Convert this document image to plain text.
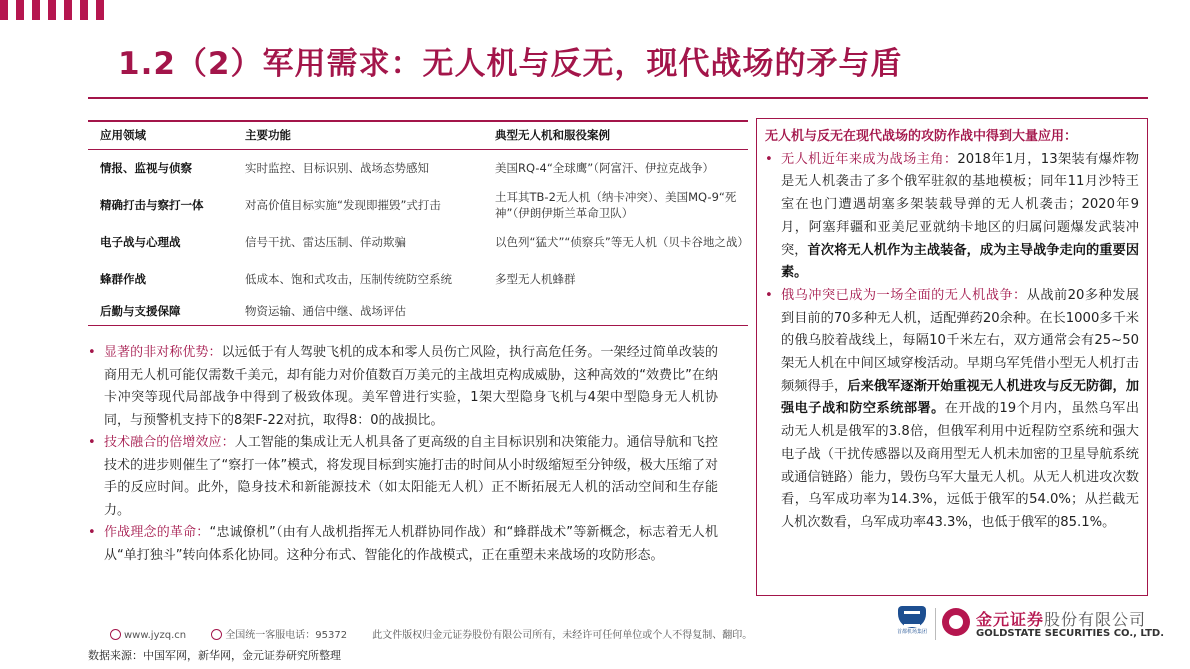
1.2（2）军用需求：无人机与反无，现代战场的矛与盾
应用领域	主要功能	典型无人机和服役案例
情报、监视与侦察	实时监控、目标识别、战场态势感知	美国RQ-4“全球鹰”（阿富汗、伊拉克战争）
精确打击与察打一体	对高价值目标实施“发现即摧毁”式打击	土耳其TB-2无人机（纳卡冲突）、美国MQ-9“死神”（伊朗伊斯兰革命卫队）
电子战与心理战	信号干扰、雷达压制、佯动欺骗	以色列“猛犬”“侦察兵”等无人机（贝卡谷地之战）
蜂群作战	低成本、饱和式攻击，压制传统防空系统	多型无人机蜂群
后勤与支援保障	物资运输、通信中继、战场评估	
• 显著的非对称优势：以远低于有人驾驶飞机的成本和零人员伤亡风险，执行高危任务。一架经过简单改装的商用无人机可能仅需数千美元，却有能力对价值数百万美元的主战坦克构成威胁，这种高效的“效费比”在纳卡冲突等现代局部战争中得到了极致体现。美军曾进行实验，1架大型隐身飞机与4架中型隐身无人机协同，与预警机支持下的8架F-22对抗，取得8：0的战损比。
• 技术融合的倍增效应：人工智能的集成让无人机具备了更高级的自主目标识别和决策能力。通信导航和飞控技术的进步则催生了“察打一体”模式，将发现目标到实施打击的时间从小时级缩短至分钟级，极大压缩了对手的反应时间。此外，隐身技术和新能源技术（如太阳能无人机）正不断拓展无人机的活动空间和生存能力。
• 作战理念的革命：“忠诚僚机”（由有人战机指挥无人机群协同作战）和“蜂群战术”等新概念，标志着无人机从“单打独斗”转向体系化协同。这种分布式、智能化的作战模式，正在重塑未来战场的攻防形态。
无人机与反无在现代战场的攻防作战中得到大量应用：
• 无人机近年来成为战场主角：2018年1月，13架装有爆炸物是无人机袭击了多个俄军驻叙的基地模板；同年11月沙特王室在也门遭遇胡塞多架装载导弹的无人机袭击；2020年9月，阿塞拜疆和亚美尼亚就纳卡地区的归属问题爆发武装冲突，首次将无人机作为主战装备，成为主导战争走向的重要因素。
• 俄乌冲突已成为一场全面的无人机战争：从战前20多种发展到目前的70多种无人机，适配弹药20余种。在长1000多千米的俄乌胶着战线上，每隔10千米左右，双方通常会有25~50架无人机在中间区域穿梭活动。早期乌军凭借小型无人机打击频频得手，后来俄军逐渐开始重视无人机进攻与反无防御，加强电子战和防空系统部署。在开战的19个月内，虽然乌军出动无人机是俄军的3.8倍，但俄军利用中近程防空系统和强大电子战（干扰传感器以及商用型无人机未加密的卫星导航系统或通信链路）能力，毁伤乌军大量无人机。从无人机进攻次数看，乌军成功率为14.3%，远低于俄军的54.0%；从拦截无人机次数看，乌军成功率43.3%，也低于俄军的85.1%。
www.jyzq.cn	全国统一客服电话：95372	此文件版权归金元证券股份有限公司所有，未经许可任何单位或个人不得复制、翻印。
数据来源：中国军网，新华网，金元证券研究所整理
首都机场集团
金元证券股份有限公司
GOLDSTATE SECURITIES CO., LTD.
